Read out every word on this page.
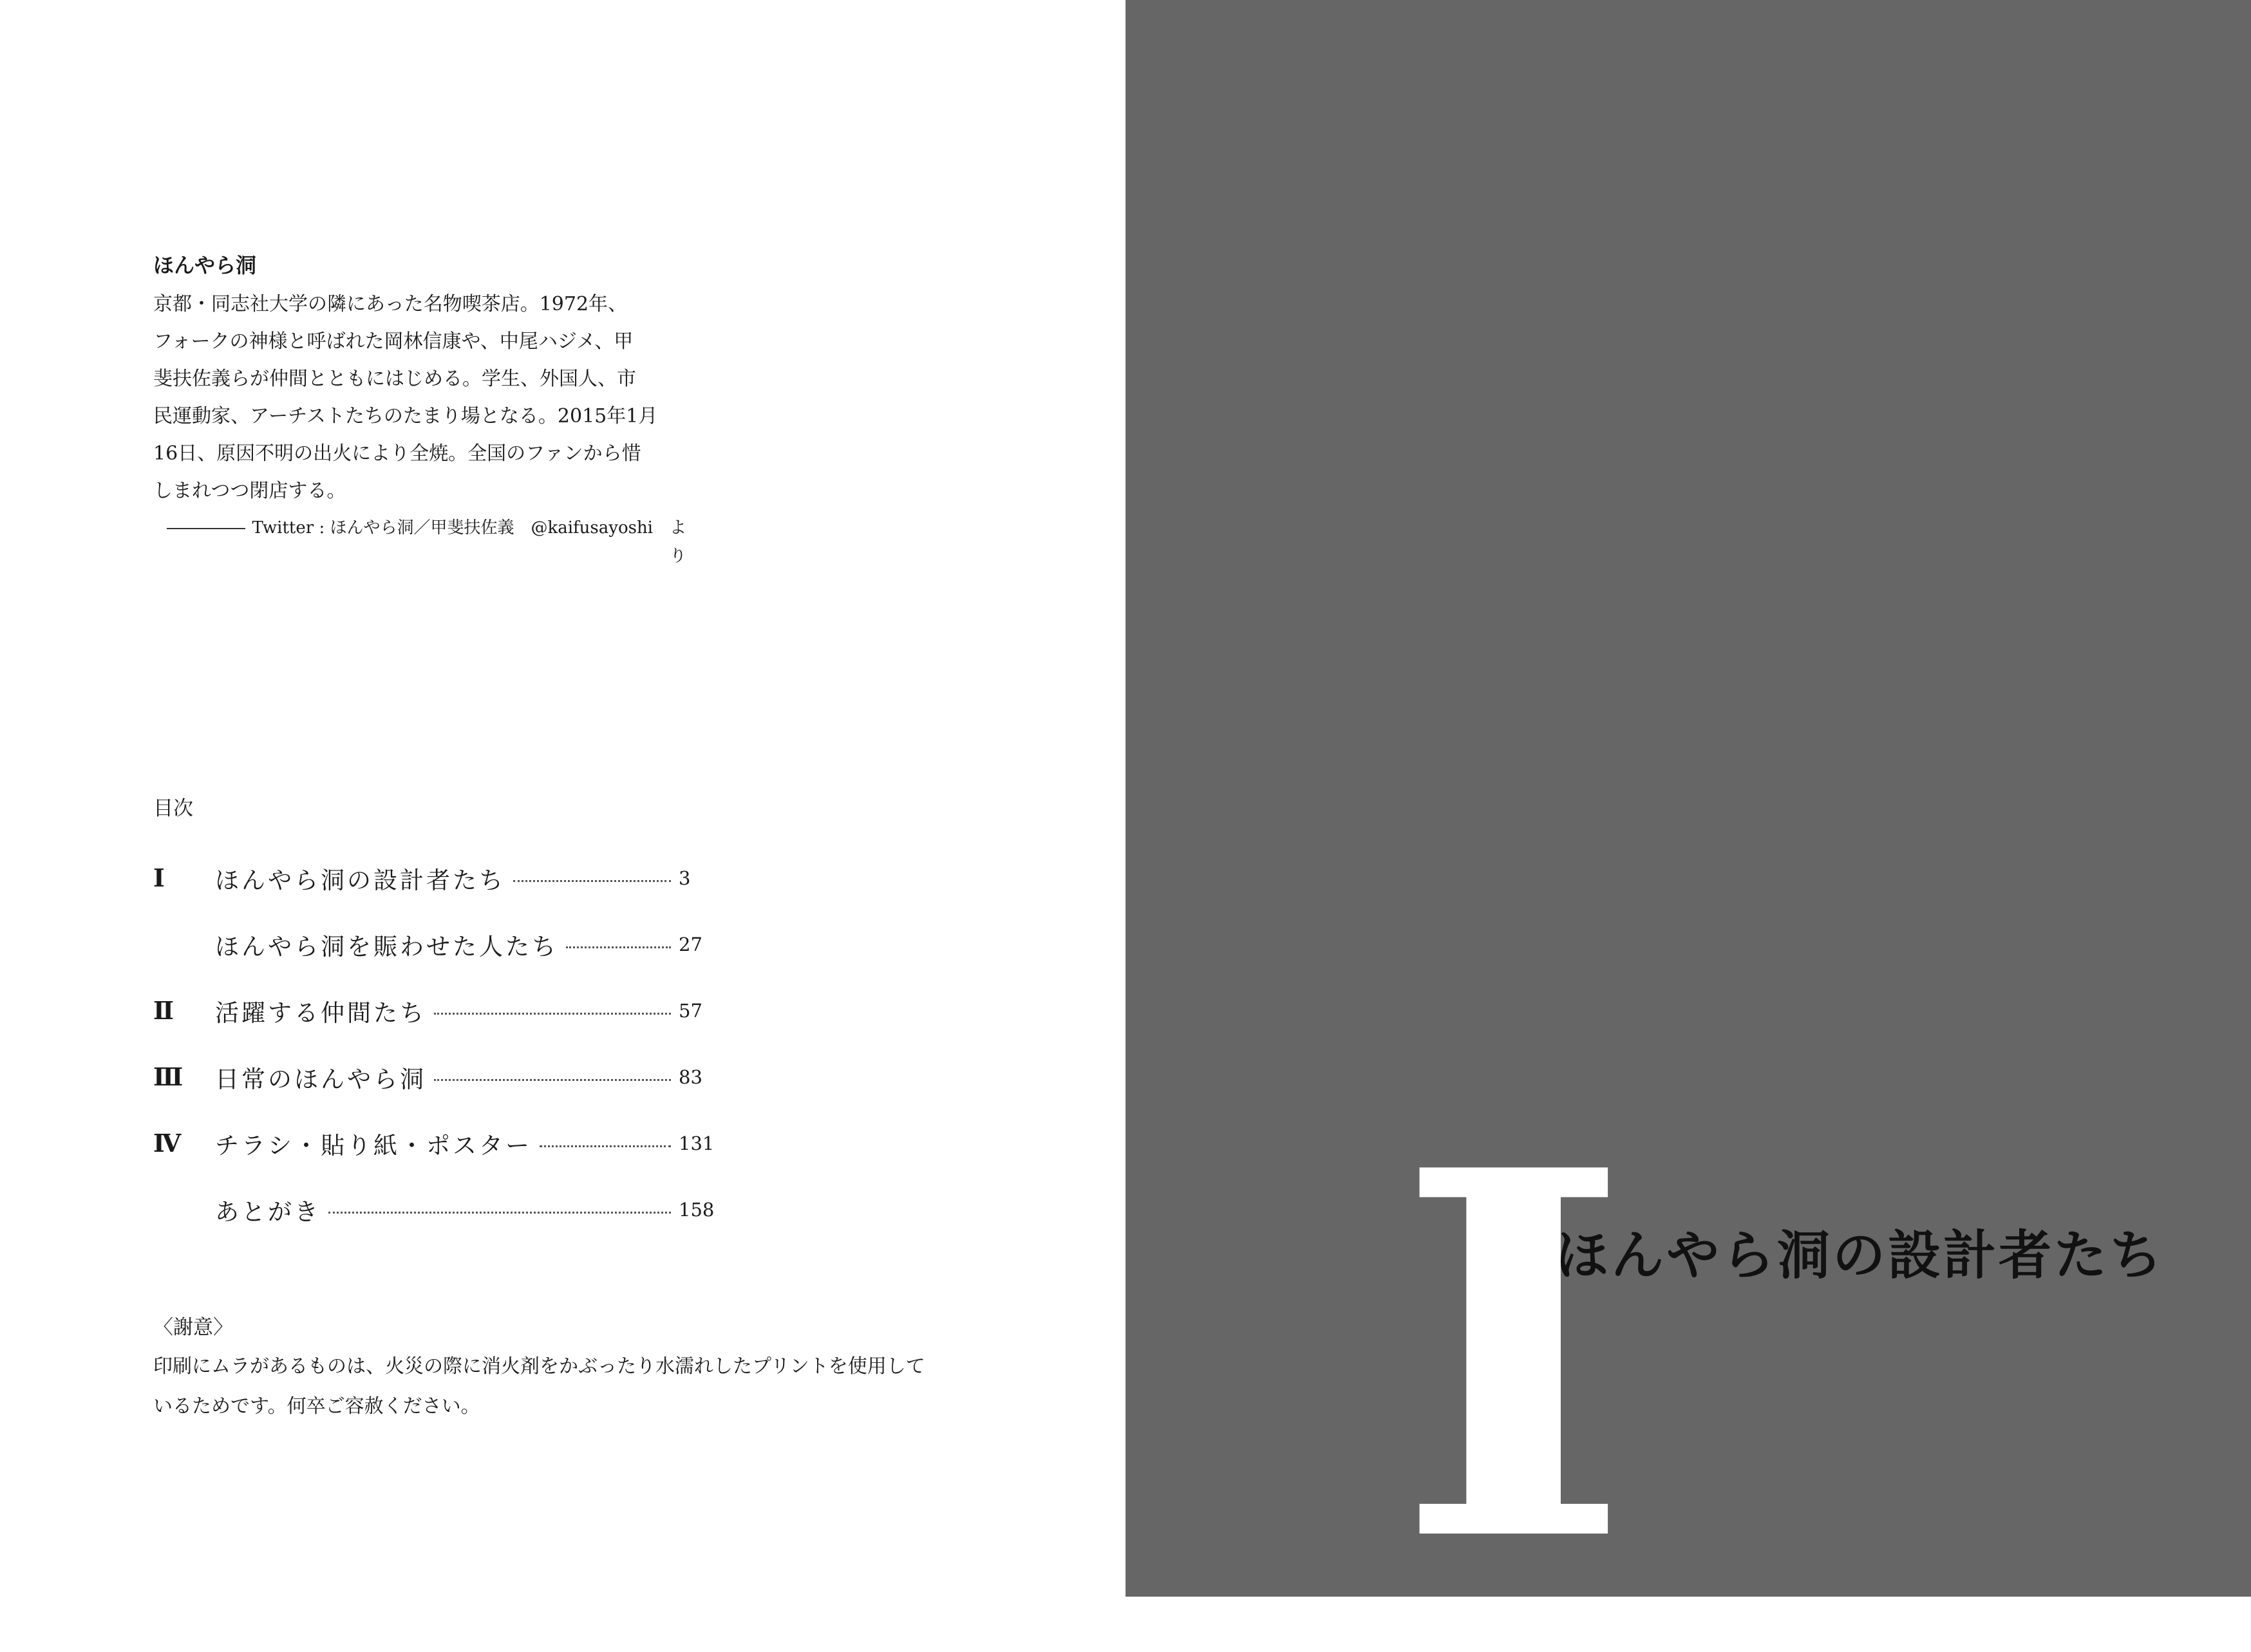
ほんやら洞

京都・同志社大学の隣にあった名物喫茶店。1972年、
フォークの神様と呼ばれた岡林信康や、中尾ハジメ、甲
斐扶佐義らが仲間とともにはじめる。学生、外国人、市
民運動家、アーチストたちのたまり場となる。2015年1月
16日、原因不明の出火により全焼。全国のファンから惜
しまれつつ閉店する。

Twitter : ほんやら洞／甲斐扶佐義　@kaifusayoshi　より
目次
Ⅰ	ほんやら洞の設計者たち	3
ほんやら洞を賑わせた人たち	27
Ⅱ	活躍する仲間たち	57
Ⅲ	日常のほんやら洞	83
Ⅳ	チラシ・貼り紙・ポスター	131
あとがき	158
〈謝意〉

印刷にムラがあるものは、火災の際に消火剤をかぶったり水濡れしたプリントを使用して
いるためです。何卒ご容赦ください。	I
ほんやら洞の設計者たち
